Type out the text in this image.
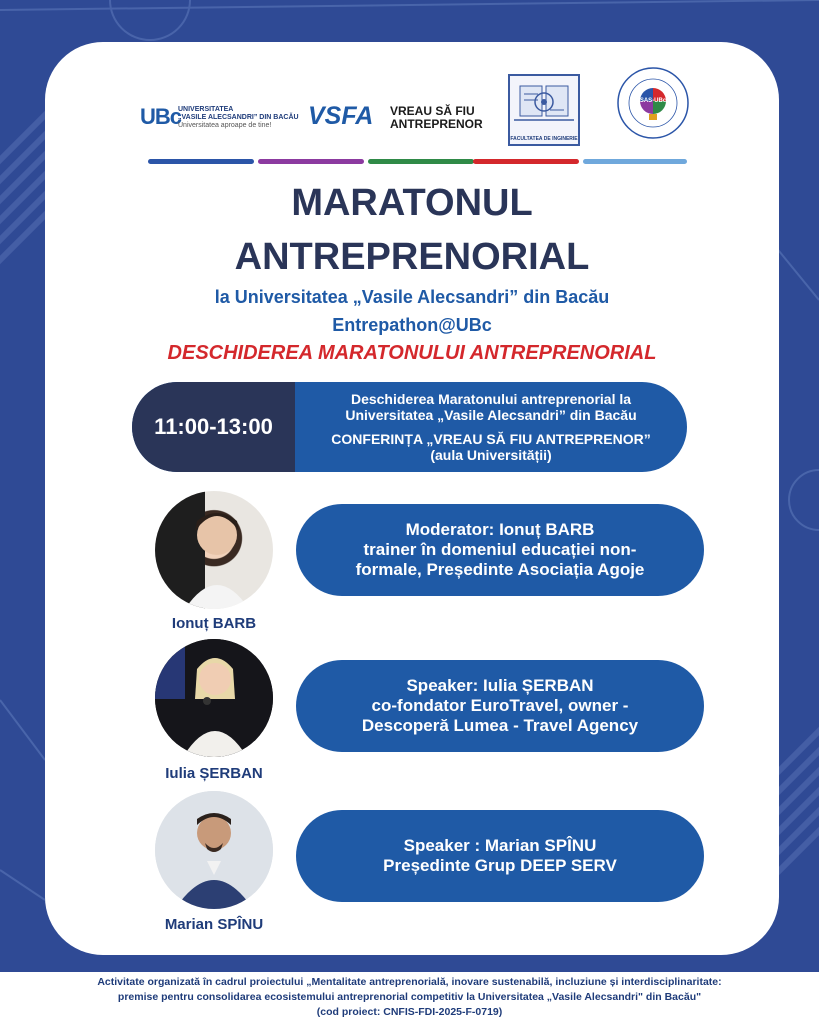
UBc
UNIVERSITATEA
„VASILE ALECSANDRI” DIN BACĂU
Universitatea aproape de tine!	VSFA VREAU SĂ FIU
ANTREPRENOR
FACULTATEA DE INGINERIE
SAS-UBc
MARATONUL
ANTREPRENORIAL
la Universitatea „Vasile Alecsandri” din Bacău
Entrepathon@UBc
DESCHIDEREA MARATONULUI ANTREPRENORIAL
11:00-13:00
Deschiderea Maratonului antreprenorial la
Universitatea „Vasile Alecsandri” din Bacău
CONFERINȚA „VREAU SĂ FIU ANTREPRENOR”
(aula Universității)
Ionuț BARB
Moderator: Ionuț BARB
trainer în domeniul educației non-
formale, Președinte Asociația Agoje
Iulia ȘERBAN
Speaker: Iulia ȘERBAN
co-fondator EuroTravel, owner -
Descoperă Lumea - Travel Agency
Marian SPÎNU
Speaker : Marian SPÎNU
Președinte Grup DEEP SERV
Activitate organizată în cadrul proiectului „Mentalitate antreprenorială, inovare sustenabilă, incluziune și interdisciplinaritate:
premise pentru consolidarea ecosistemului antreprenorial competitiv la Universitatea „Vasile Alecsandri" din Bacău"
(cod proiect: CNFIS-FDI-2025-F-0719)
